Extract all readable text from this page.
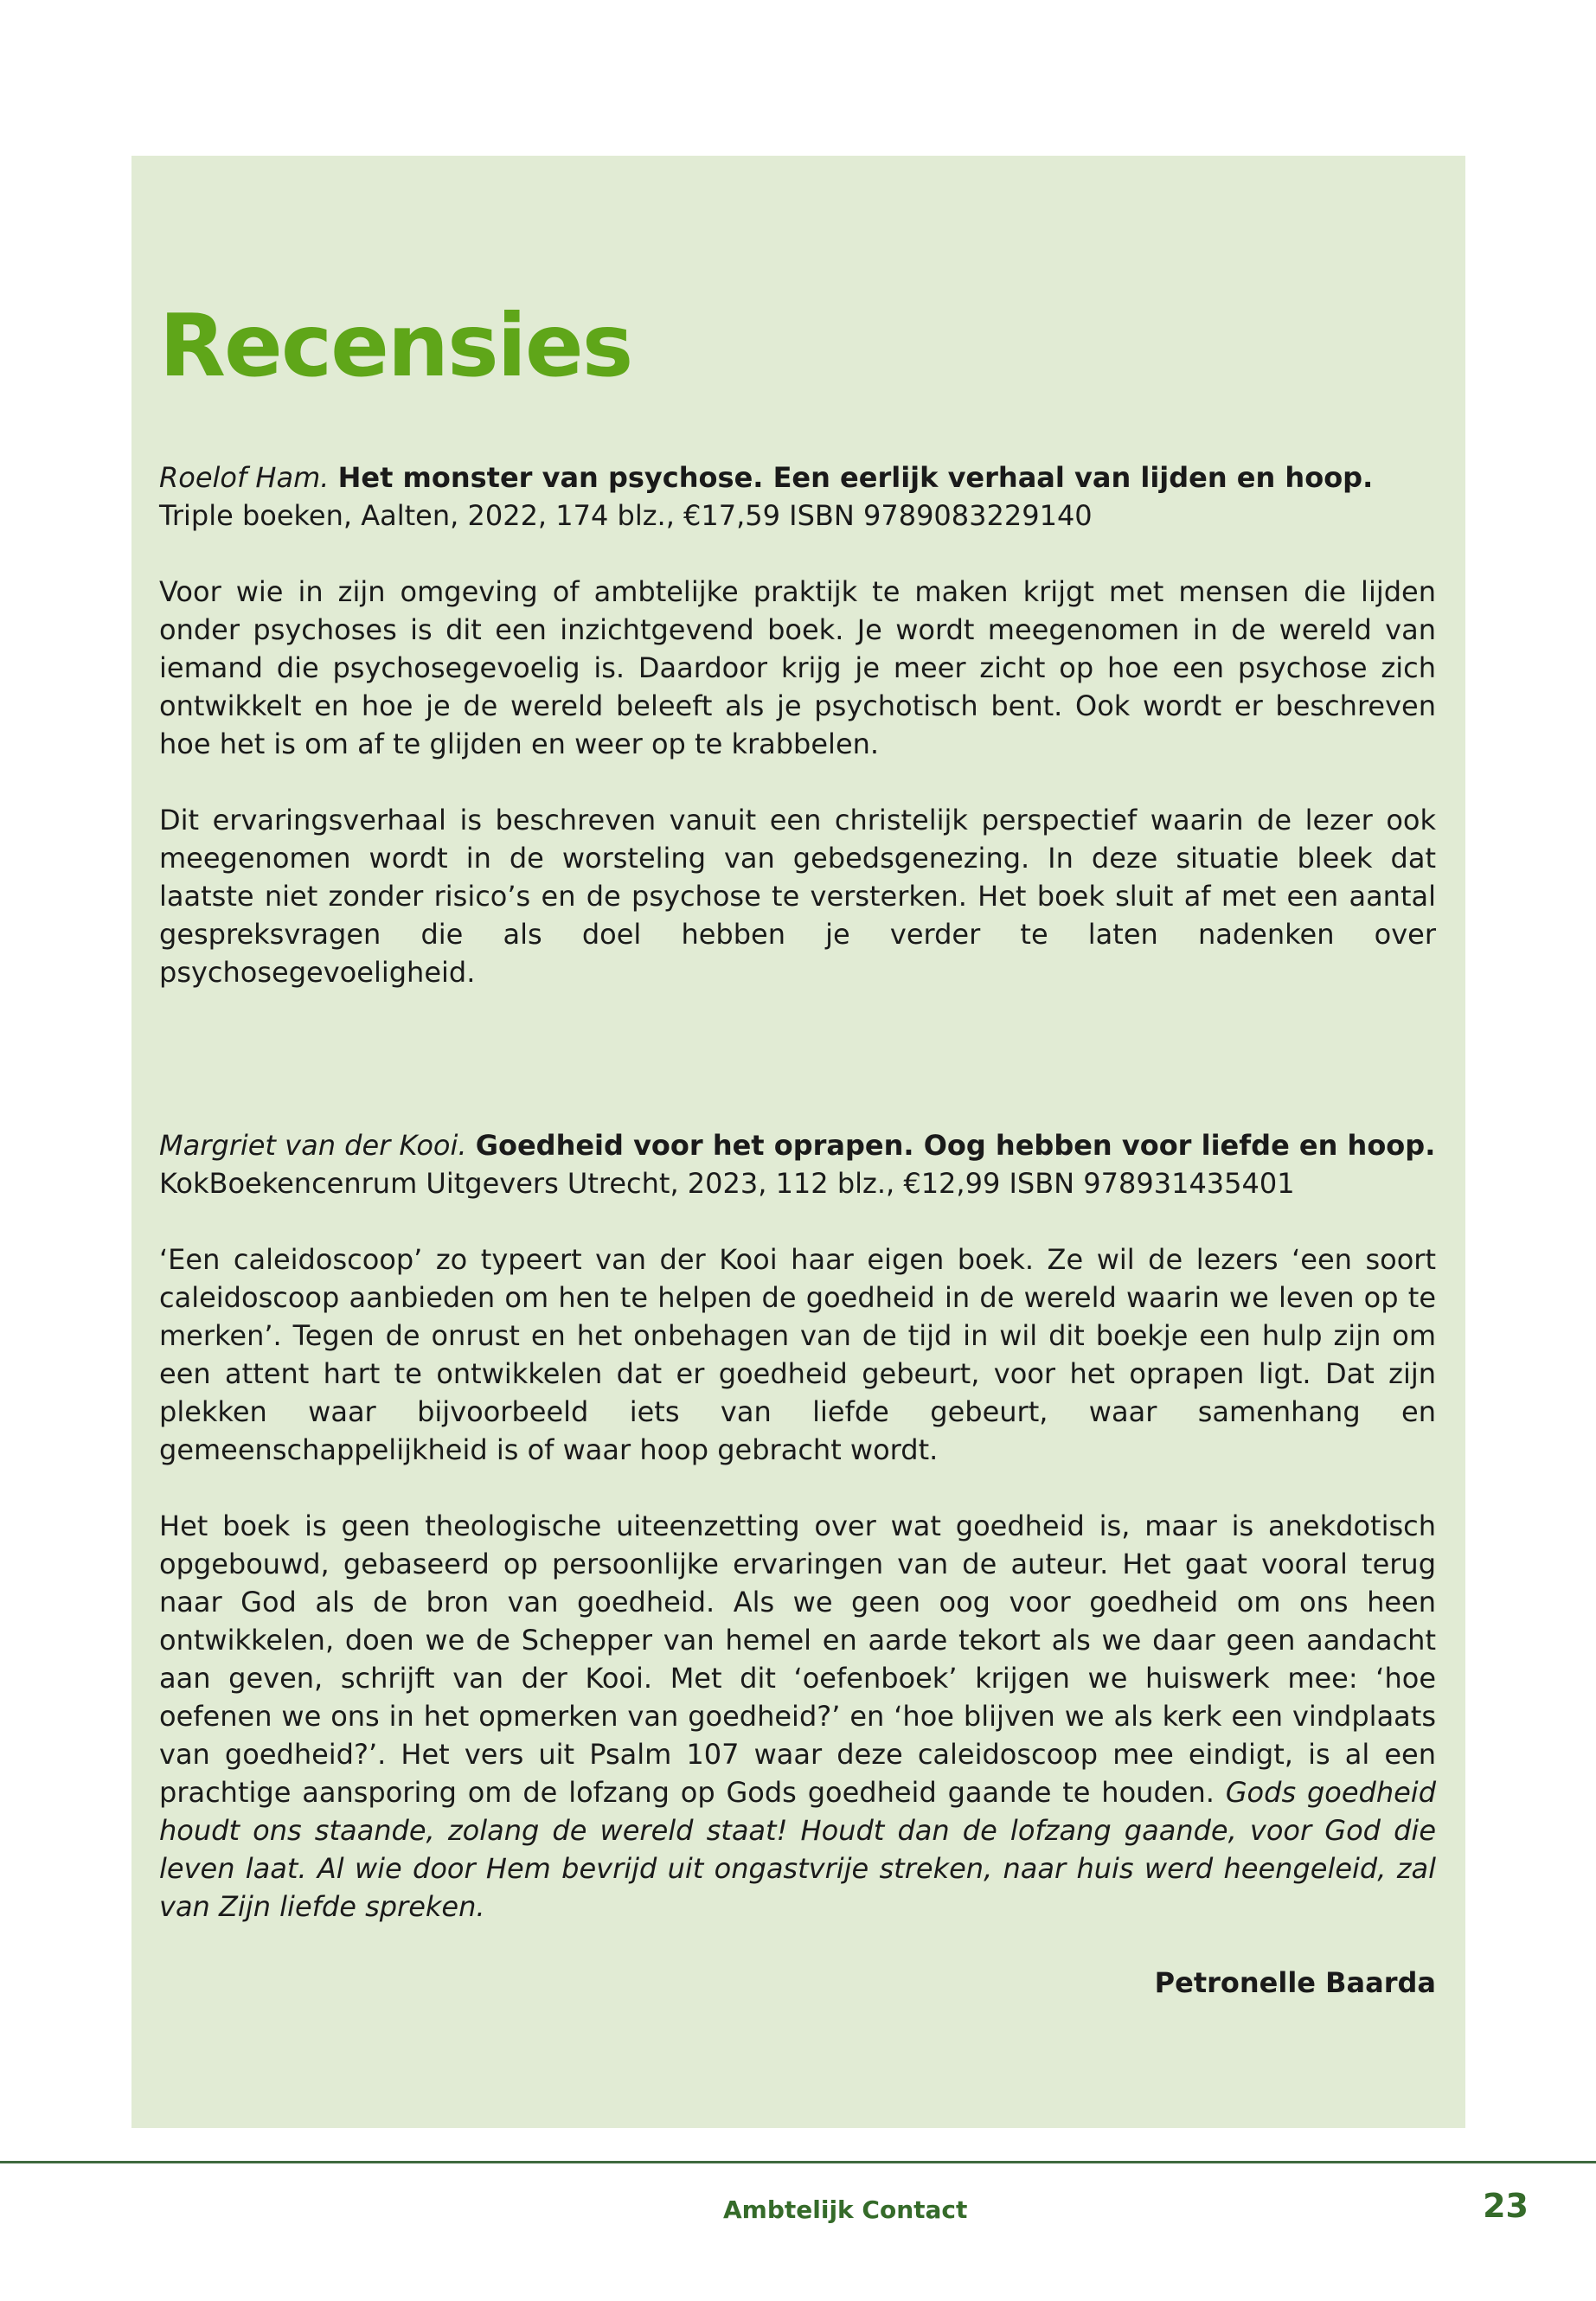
Recensies

Roelof Ham. Het monster van psychose. Een eerlijk verhaal van lijden en hoop. Triple boeken, Aalten, 2022, 174 blz., €17,59 ISBN 9789083229140

Voor wie in zijn omgeving of ambtelijke praktijk te maken krijgt met mensen die lijden onder psychoses is dit een inzichtgevend boek. Je wordt meegenomen in de wereld van iemand die psychosegevoelig is. Daardoor krijg je meer zicht op hoe een psychose zich ontwikkelt en hoe je de wereld beleeft als je psychotisch bent. Ook wordt er beschreven hoe het is om af te glijden en weer op te krabbelen.

Dit ervaringsverhaal is beschreven vanuit een christelijk perspectief waarin de lezer ook meegenomen wordt in de worsteling van gebedsgenezing. In deze situatie bleek dat laatste niet zonder risico’s en de psychose te versterken. Het boek sluit af met een aantal gespreksvragen die als doel hebben je verder te laten nadenken over psychosegevoeligheid.

Margriet van der Kooi. Goedheid voor het oprapen. Oog hebben voor liefde en hoop. KokBoekencenrum Uitgevers Utrecht, 2023, 112 blz., €12,99 ISBN 978931435401

‘Een caleidoscoop’ zo typeert van der Kooi haar eigen boek. Ze wil de lezers ‘een soort caleidoscoop aanbieden om hen te helpen de goedheid in de wereld waarin we leven op te merken’. Tegen de onrust en het onbehagen van de tijd in wil dit boekje een hulp zijn om een attent hart te ontwikkelen dat er goedheid gebeurt, voor het oprapen ligt. Dat zijn plekken waar bijvoorbeeld iets van liefde gebeurt, waar samenhang en gemeenschappelijkheid is of waar hoop gebracht wordt.

Het boek is geen theologische uiteenzetting over wat goedheid is, maar is anekdotisch opgebouwd, gebaseerd op persoonlijke ervaringen van de auteur. Het gaat vooral terug naar God als de bron van goedheid. Als we geen oog voor goedheid om ons heen ontwikkelen, doen we de Schepper van hemel en aarde tekort als we daar geen aandacht aan geven, schrijft van der Kooi. Met dit ‘oefenboek’ krijgen we huiswerk mee: ‘hoe oefenen we ons in het opmerken van goedheid?’ en ‘hoe blijven we als kerk een vindplaats van goedheid?’. Het vers uit Psalm 107 waar deze caleidoscoop mee eindigt, is al een prachtige aansporing om de lofzang op Gods goedheid gaande te houden. Gods goedheid houdt ons staande, zolang de wereld staat! Houdt dan de lofzang gaande, voor God die leven laat. Al wie door Hem bevrijd uit ongastvrije streken, naar huis werd heengeleid, zal van Zijn liefde spreken.

Petronelle Baarda
Ambtelijk Contact	23
